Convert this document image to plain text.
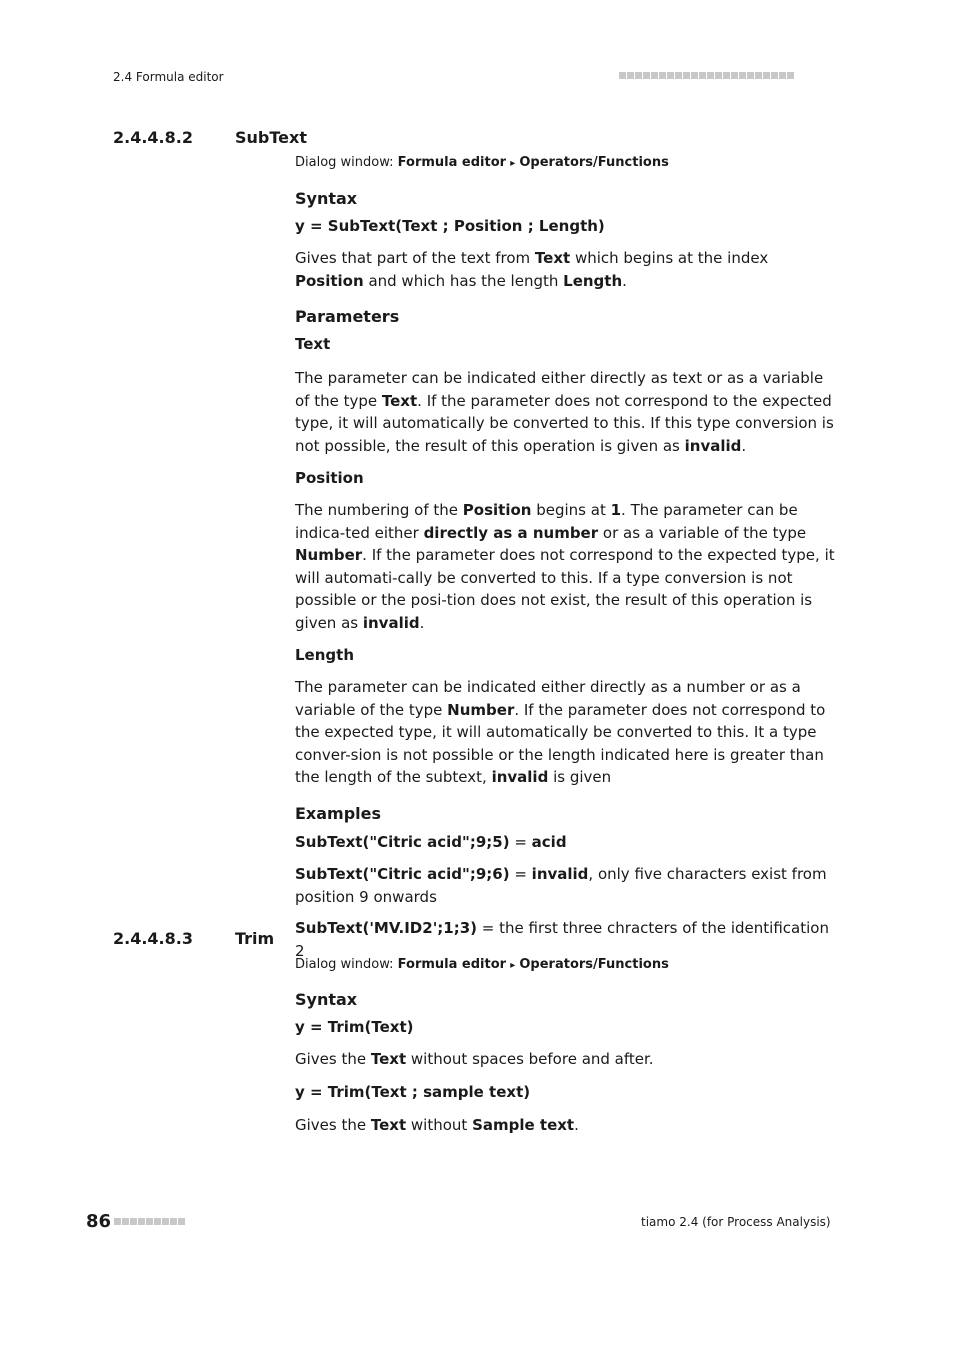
2.4 Formula editor
2.4.4.8.2	SubText
Dialog window: Formula editor ▸ Operators/Functions

Syntax

y = SubText(Text ; Position ; Length)

Gives that part of the text from Text which begins at the index Position and which has the length Length.

Parameters

Text

The parameter can be indicated either directly as text or as a variable of the type Text. If the parameter does not correspond to the expected type, it will automatically be converted to this. If this type conversion is not possible, the result of this operation is given as invalid.

Position

The numbering of the Position begins at 1. The parameter can be indica-ted either directly as a number or as a variable of the type Number. If the parameter does not correspond to the expected type, it will automati-cally be converted to this. If a type conversion is not possible or the posi-tion does not exist, the result of this operation is given as invalid.

Length

The parameter can be indicated either directly as a number or as a variable of the type Number. If the parameter does not correspond to the expected type, it will automatically be converted to this. It a type conver-sion is not possible or the length indicated here is greater than the length of the subtext, invalid is given

Examples

SubText("Citric acid";9;5) = acid

SubText("Citric acid";9;6) = invalid, only five characters exist from position 9 onwards

SubText('MV.ID2';1;3) = the first three chracters of the identification 2

2.4.4.8.3	Trim
Dialog window: Formula editor ▸ Operators/Functions

Syntax

y = Trim(Text)

Gives the Text without spaces before and after.

y = Trim(Text ; sample text)

Gives the Text without Sample text.

86	tiamo 2.4 (for Process Analysis)
